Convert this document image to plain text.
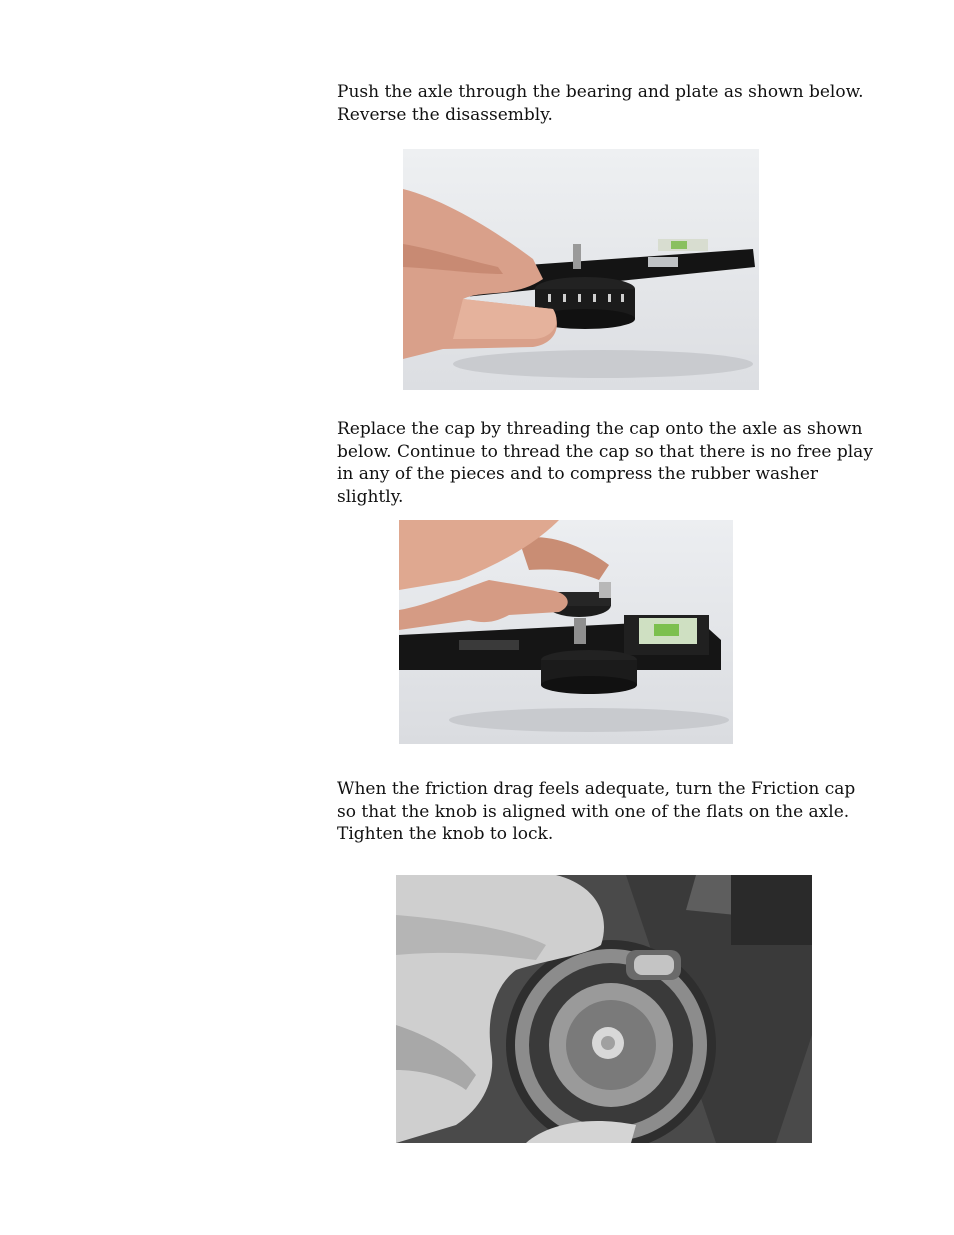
Push the axle through the bearing and plate as shown below. Reverse the disassembly.

Replace the cap by threading the cap onto the axle as shown below. Continue to thread the cap so that there is no free play in any of the pieces and to compress the rubber washer slightly.

When the friction drag feels adequate, turn the Friction cap so that the knob is aligned with one of the flats on the axle. Tighten the knob to lock.
